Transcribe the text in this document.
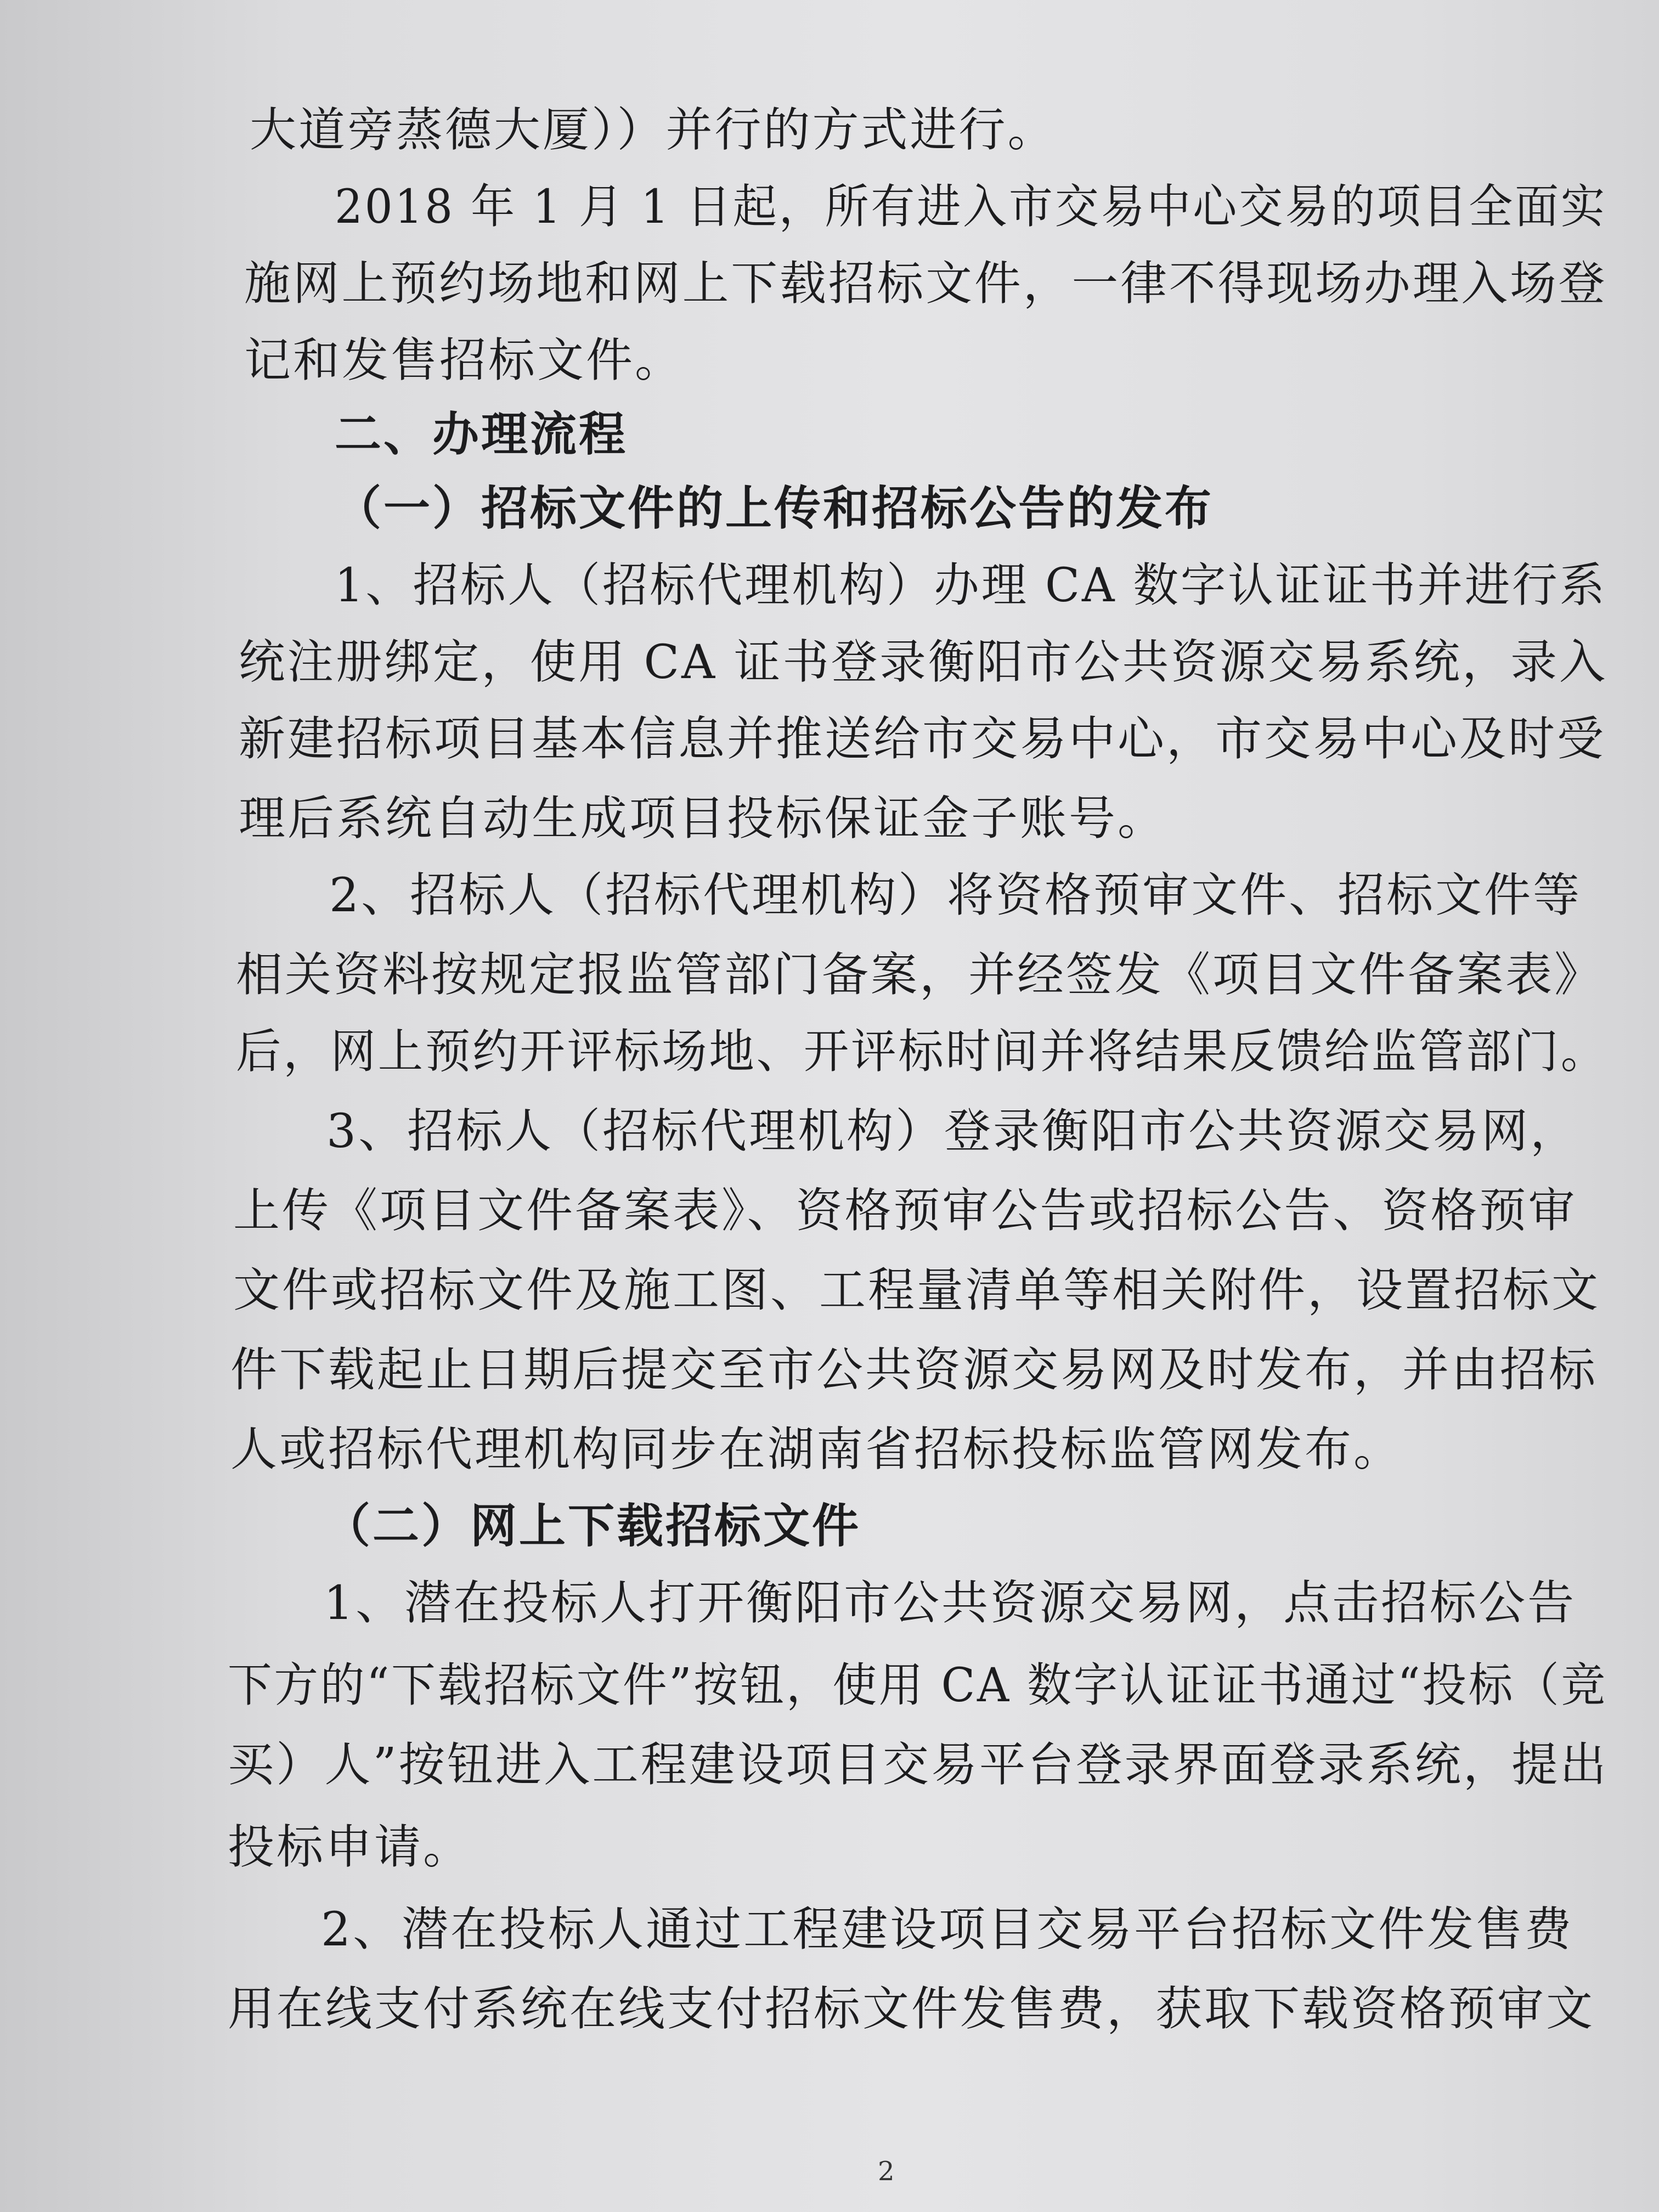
大道旁蒸德大厦））并行的方式进行。
2018 年 1 月 1 日起，所有进入市交易中心交易的项目全面实
施网上预约场地和网上下载招标文件，一律不得现场办理入场登
记和发售招标文件。
二、办理流程
（一）招标文件的上传和招标公告的发布
1、招标人（招标代理机构）办理 CA 数字认证证书并进行系
统注册绑定，使用 CA 证书登录衡阳市公共资源交易系统，录入
新建招标项目基本信息并推送给市交易中心，市交易中心及时受
理后系统自动生成项目投标保证金子账号。
2、招标人（招标代理机构）将资格预审文件、招标文件等
相关资料按规定报监管部门备案，并经签发《项目文件备案表》
后，网上预约开评标场地、开评标时间并将结果反馈给监管部门。
3、招标人（招标代理机构）登录衡阳市公共资源交易网，
上传《项目文件备案表》、资格预审公告或招标公告、资格预审
文件或招标文件及施工图、工程量清单等相关附件，设置招标文
件下载起止日期后提交至市公共资源交易网及时发布，并由招标
人或招标代理机构同步在湖南省招标投标监管网发布。
（二）网上下载招标文件
1、潜在投标人打开衡阳市公共资源交易网，点击招标公告
下方的“下载招标文件”按钮，使用 CA 数字认证证书通过“投标（竞
买）人”按钮进入工程建设项目交易平台登录界面登录系统，提出
投标申请。
2、潜在投标人通过工程建设项目交易平台招标文件发售费
用在线支付系统在线支付招标文件发售费，获取下载资格预审文
2
